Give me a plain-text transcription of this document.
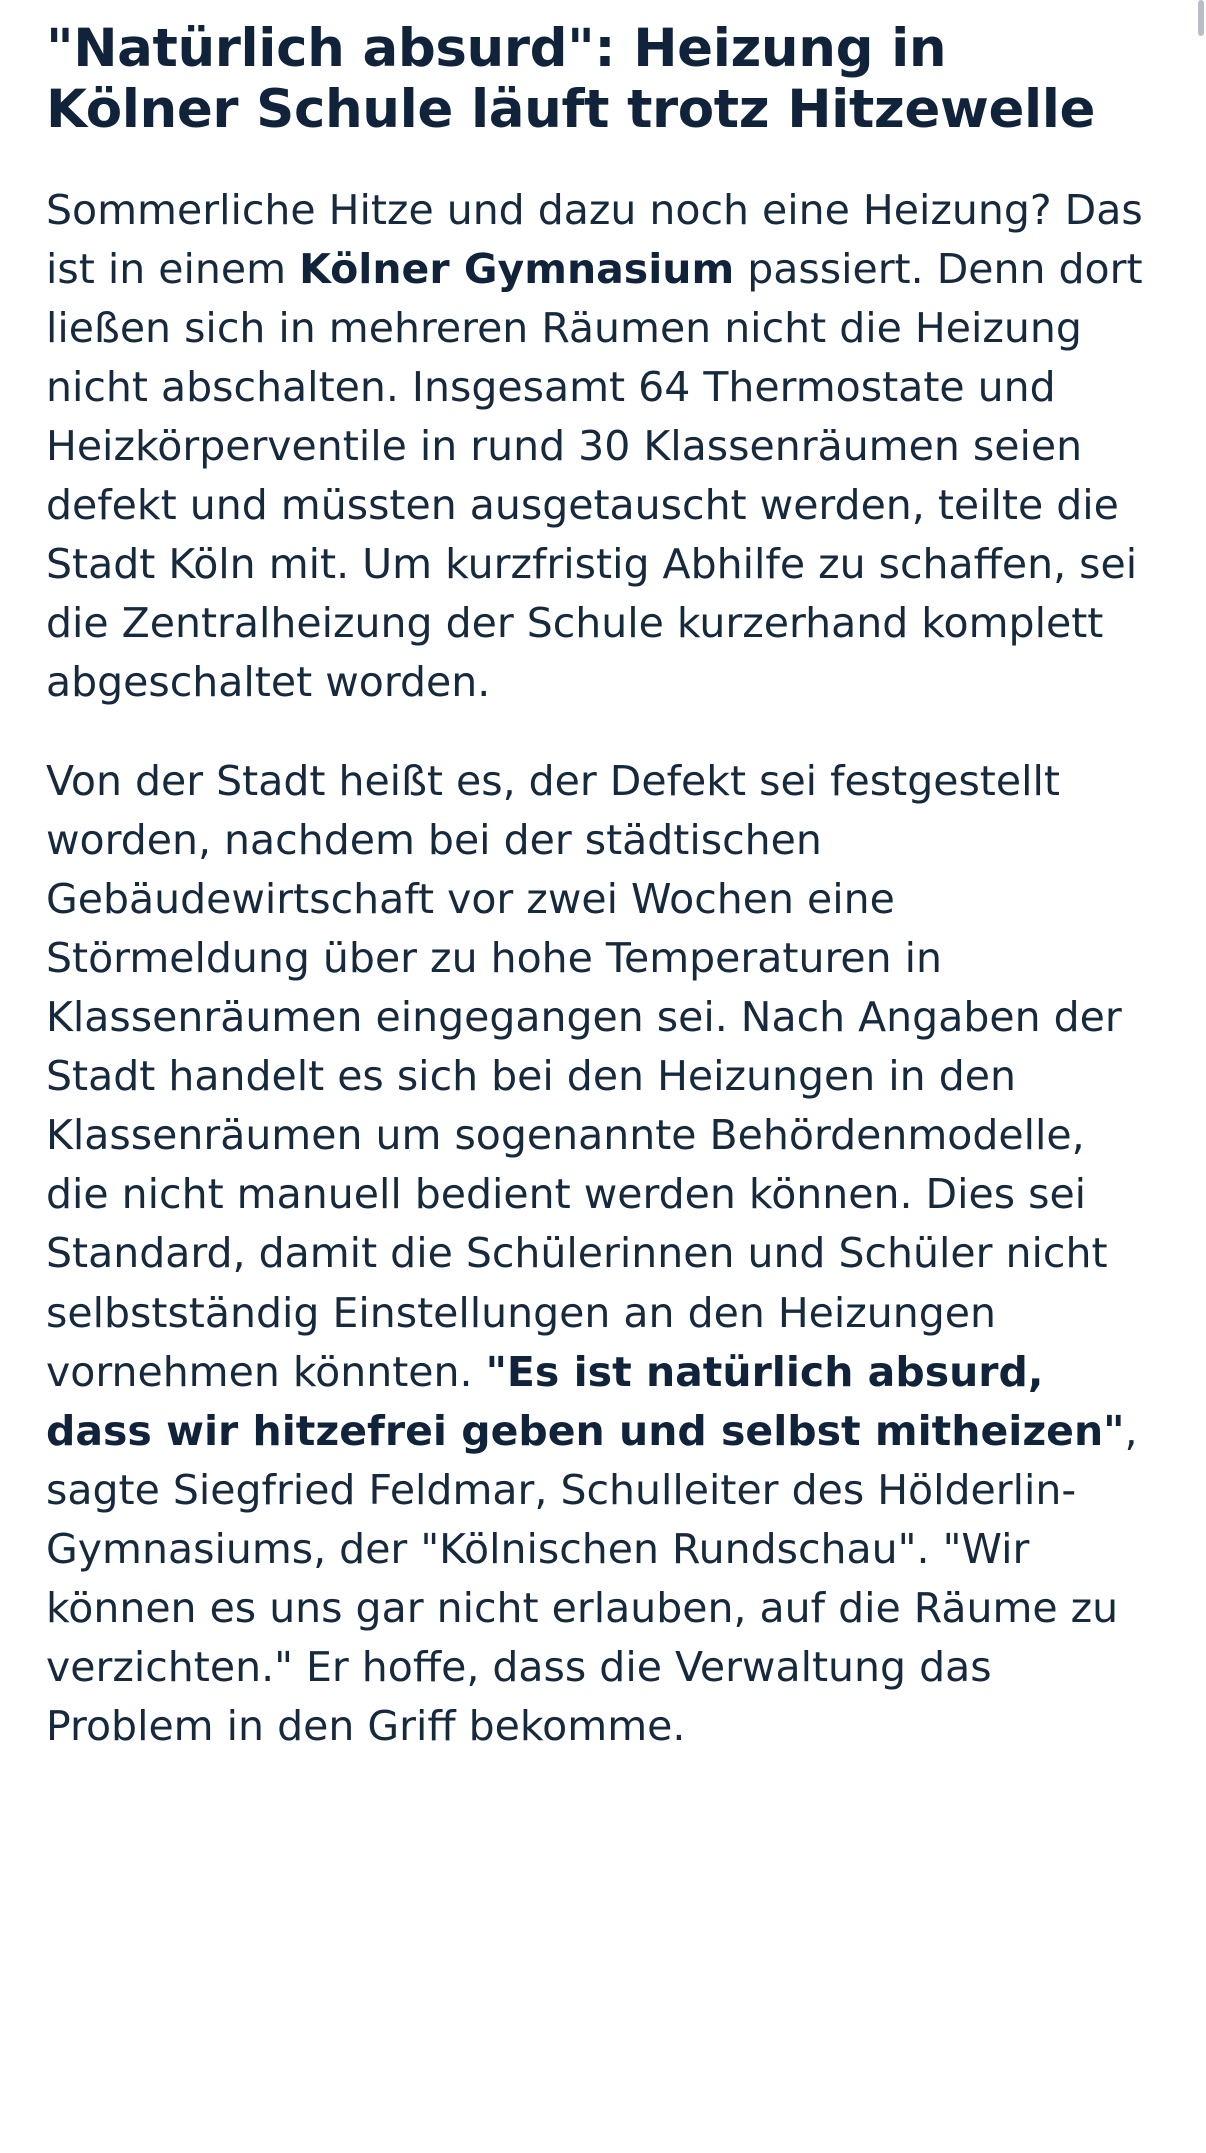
"Natürlich absurd": Heizung in Kölner Schule läuft trotz Hitzewelle

Sommerliche Hitze und dazu noch eine Heizung? Das ist in einem Kölner Gymnasium passiert. Denn dort ließen sich in mehreren Räumen nicht die Heizung nicht abschalten. Insgesamt 64 Thermostate und Heizkörperventile in rund 30 Klassenräumen seien defekt und müssten ausgetauscht werden, teilte die Stadt Köln mit. Um kurzfristig Abhilfe zu schaffen, sei die Zentralheizung der Schule kurzerhand komplett abgeschaltet worden.

Von der Stadt heißt es, der Defekt sei festgestellt worden, nachdem bei der städtischen Gebäudewirtschaft vor zwei Wochen eine Störmeldung über zu hohe Temperaturen in Klassenräumen eingegangen sei. Nach Angaben der Stadt handelt es sich bei den Heizungen in den Klassenräumen um sogenannte Behördenmodelle, die nicht manuell bedient werden können. Dies sei Standard, damit die Schülerinnen und Schüler nicht selbstständig Einstellungen an den Heizungen vornehmen könnten. "Es ist natürlich absurd, dass wir hitzefrei geben und selbst mitheizen", sagte Siegfried Feldmar, Schulleiter des Hölderlin-Gymnasiums, der "Kölnischen Rundschau". "Wir können es uns gar nicht erlauben, auf die Räume zu verzichten." Er hoffe, dass die Verwaltung das Problem in den Griff bekomme.
